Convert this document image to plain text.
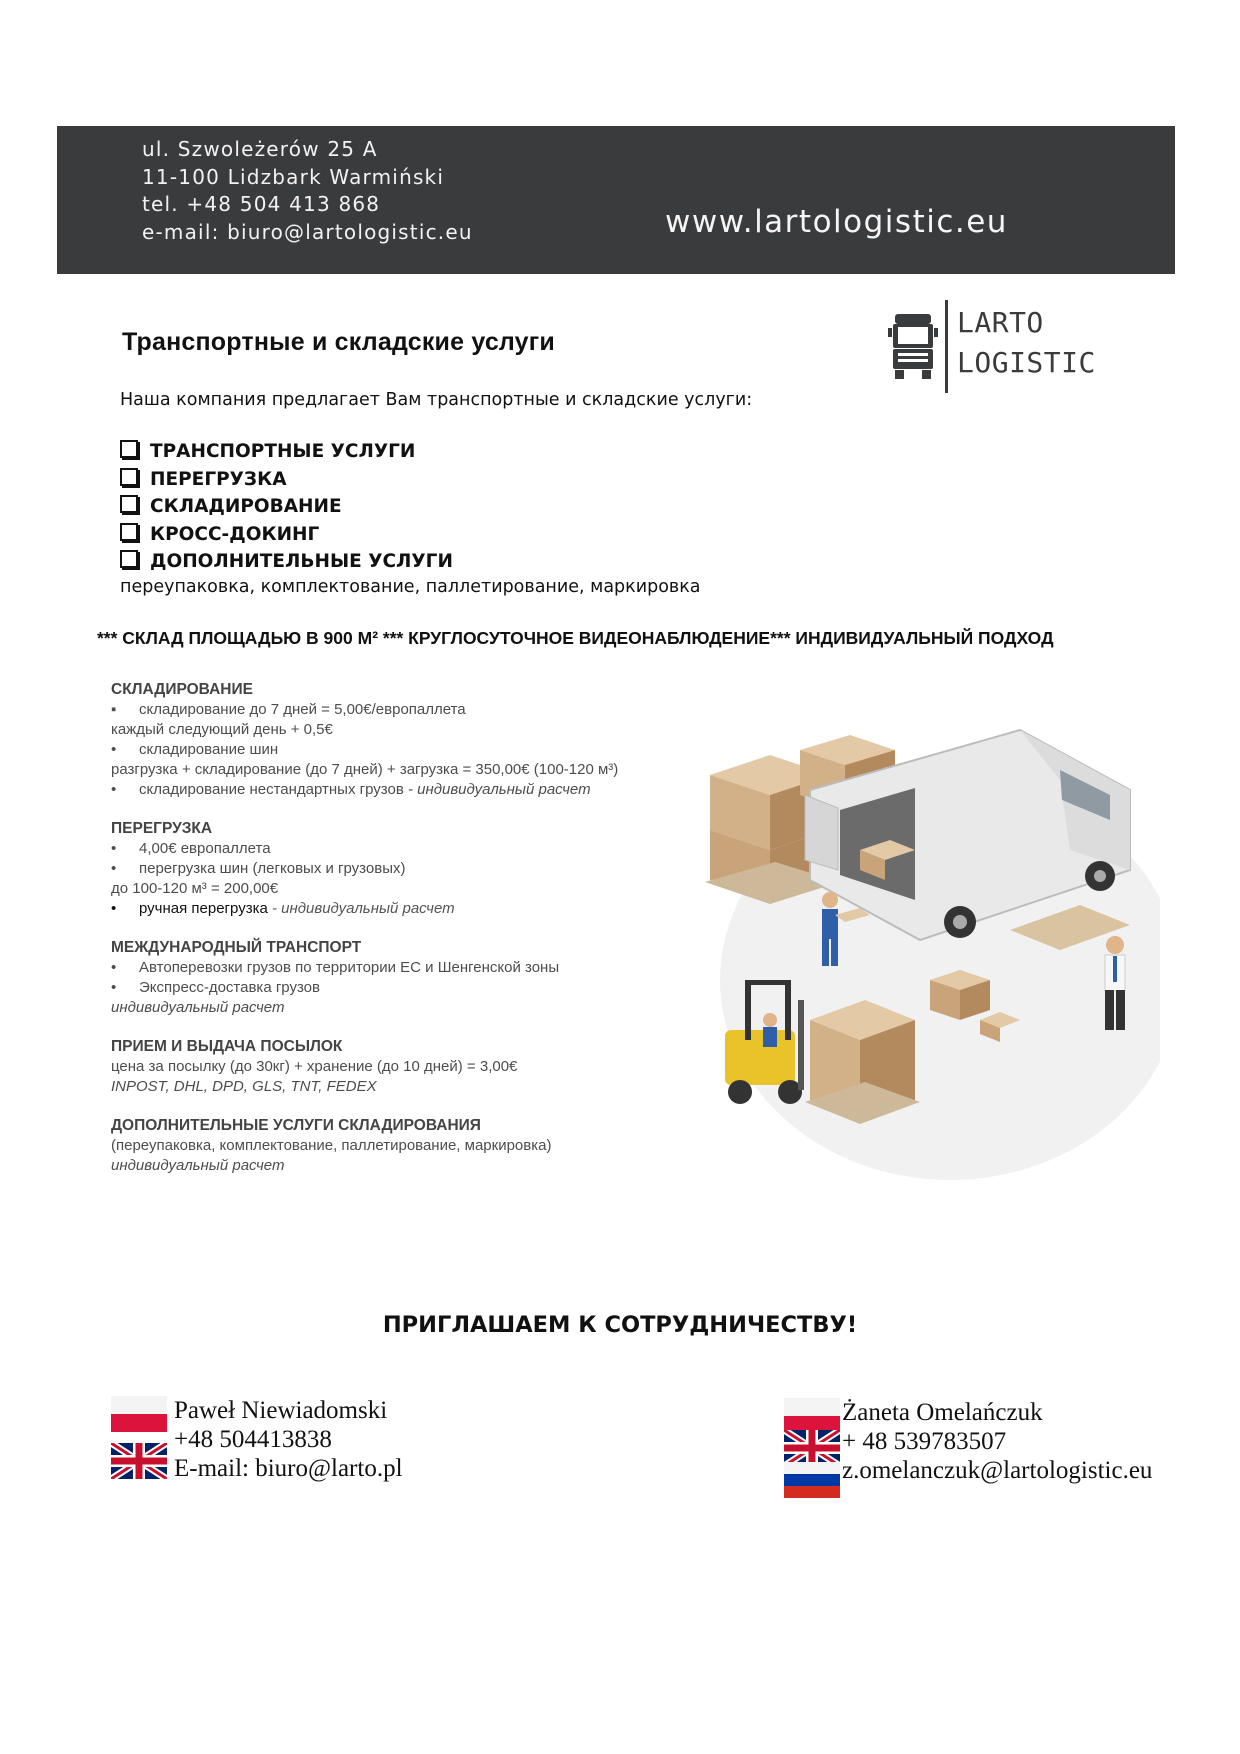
ul. Szwoleżerów 25 A
11-100 Lidzbark Warmiński
tel. +48 504 413 868
e-mail: biuro@lartologistic.eu	www.lartologistic.eu
LARTO
LOGISTIC
Транспортные и складские услуги
Наша компания предлагает Вам транспортные и складские услуги:
ТРАНСПОРТНЫЕ УСЛУГИ
ПЕРЕГРУЗКА
СКЛАДИРОВАНИЕ
КРОСС-ДОКИНГ
ДОПОЛНИТЕЛЬНЫЕ УСЛУГИ
переупаковка, комплектование, паллетирование, маркировка
*** СКЛАД ПЛОЩАДЬЮ В 900 М² *** КРУГЛОСУТОЧНОЕ ВИДЕОНАБЛЮДЕНИЕ*** ИНДИВИДУАЛЬНЫЙ ПОДХОД
СКЛАДИРОВАНИЕ
▪ складирование до 7 дней = 5,00€/европаллета
каждый следующий день + 0,5€
• складирование шин
разгрузка + складирование (до 7 дней) + загрузка = 350,00€ (100-120 м³)
• складирование нестандартных грузов - индивидуальный расчет
ПЕРЕГРУЗКА
• 4,00€ европаллета
• перегрузка шин (легковых и грузовых)
до 100-120 м³ = 200,00€
• ручная перегрузка - индивидуальный расчет
МЕЖДУНАРОДНЫЙ ТРАНСПОРТ
• Автоперевозки грузов по территории ЕС и Шенгенской зоны
• Экспресс-доставка грузов
индивидуальный расчет
ПРИЕМ И ВЫДАЧА ПОСЫЛОК
цена за посылку (до 30кг) + хранение (до 10 дней) = 3,00€
INPOST, DHL, DPD, GLS, TNT, FEDEX
ДОПОЛНИТЕЛЬНЫЕ УСЛУГИ СКЛАДИРОВАНИЯ
(переупаковка, комплектование, паллетирование, маркировка)
индивидуальный расчет
ПРИГЛАШАЕМ К СОТРУДНИЧЕСТВУ!
Paweł Niewiadomski
+48 504413838
E-mail: biuro@larto.pl
Żaneta Omelańczuk
+ 48 539783507
z.omelanczuk@lartologistic.eu
